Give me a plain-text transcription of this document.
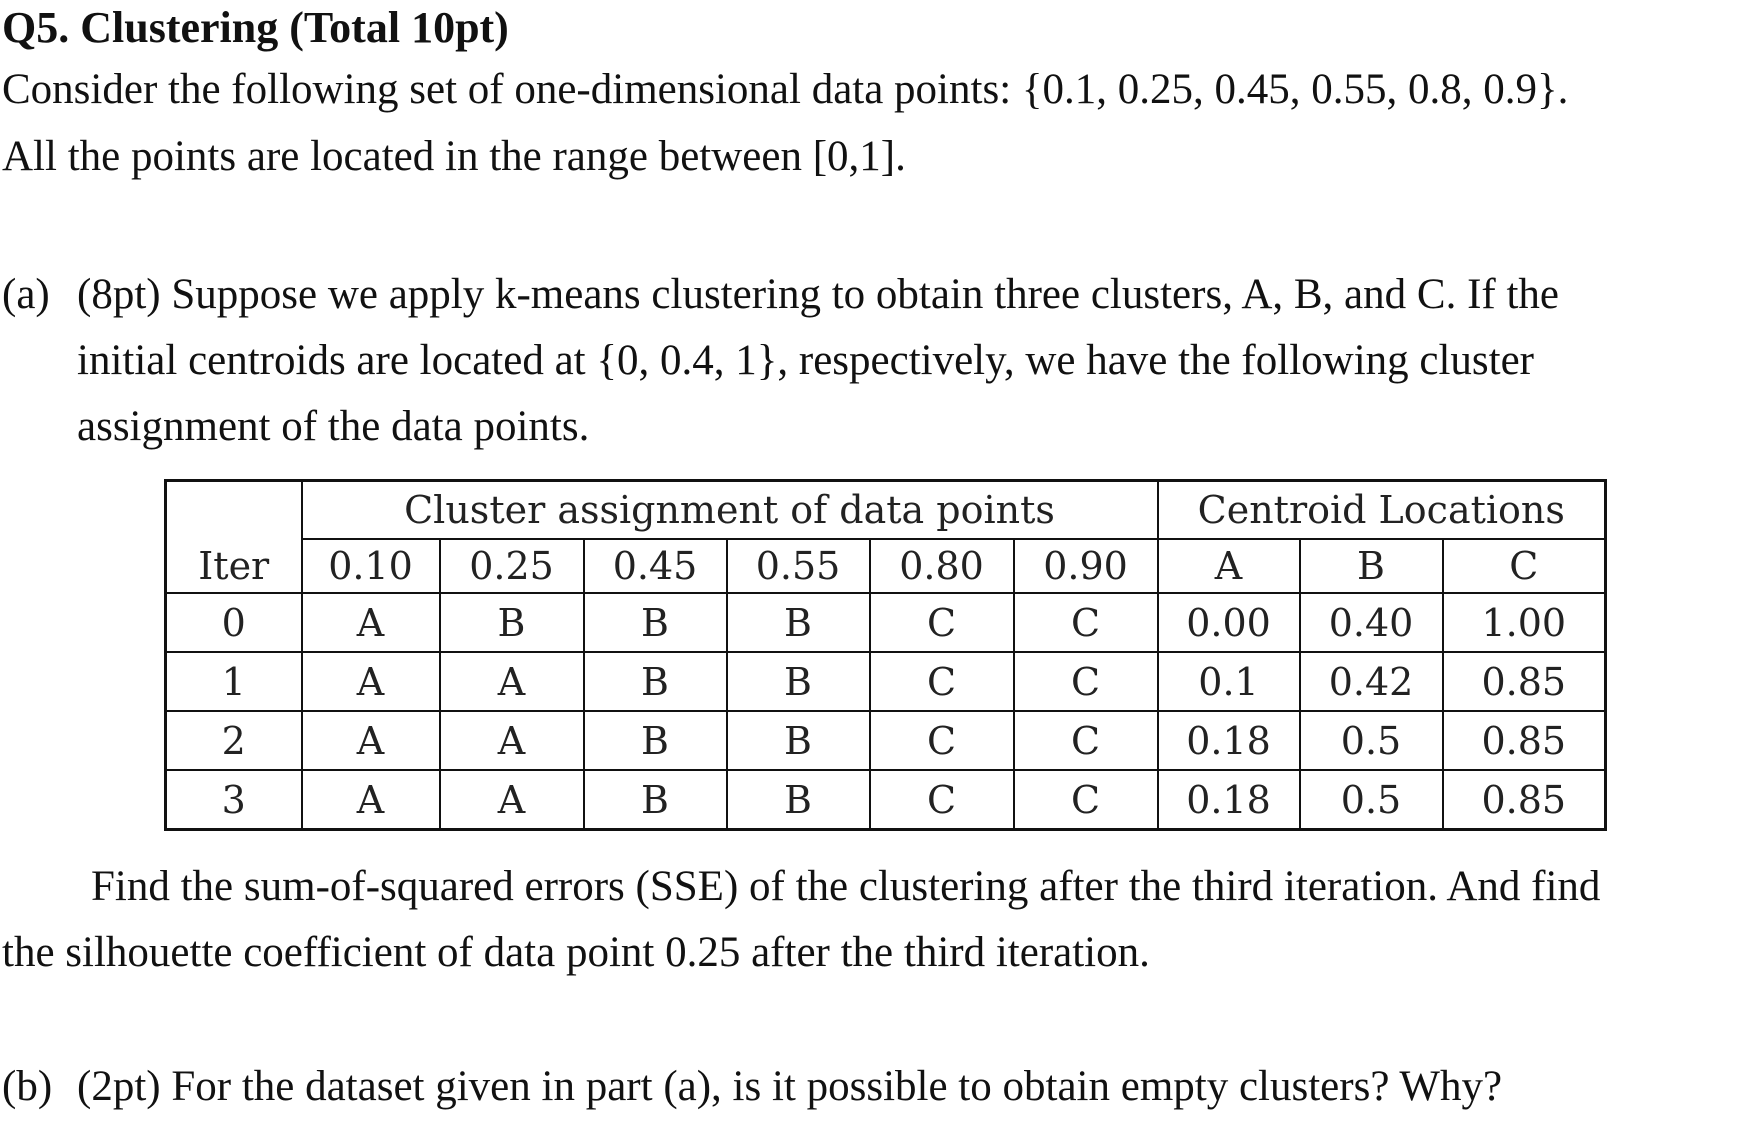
Q5. Clustering (Total 10pt)
Consider the following set of one-dimensional data points: {0.1, 0.25, 0.45, 0.55, 0.8, 0.9}.
All the points are located in the range between [0,1].
(a) (8pt) Suppose we apply k-means clustering to obtain three clusters, A, B, and C. If the
initial centroids are located at {0, 0.4, 1}, respectively, we have the following cluster
assignment of the data points.
	Cluster assignment of data points						Centroid Locations		
Iter	0.10	0.25	0.45	0.55	0.80	0.90	A	B	C
0	A	B	B	B	C	C	0.00	0.40	1.00
1	A	A	B	B	C	C	0.1	0.42	0.85
2	A	A	B	B	C	C	0.18	0.5	0.85
3	A	A	B	B	C	C	0.18	0.5	0.85
Find the sum-of-squared errors (SSE) of the clustering after the third iteration. And find
the silhouette coefficient of data point 0.25 after the third iteration.
(b) (2pt) For the dataset given in part (a), is it possible to obtain empty clusters? Why?
